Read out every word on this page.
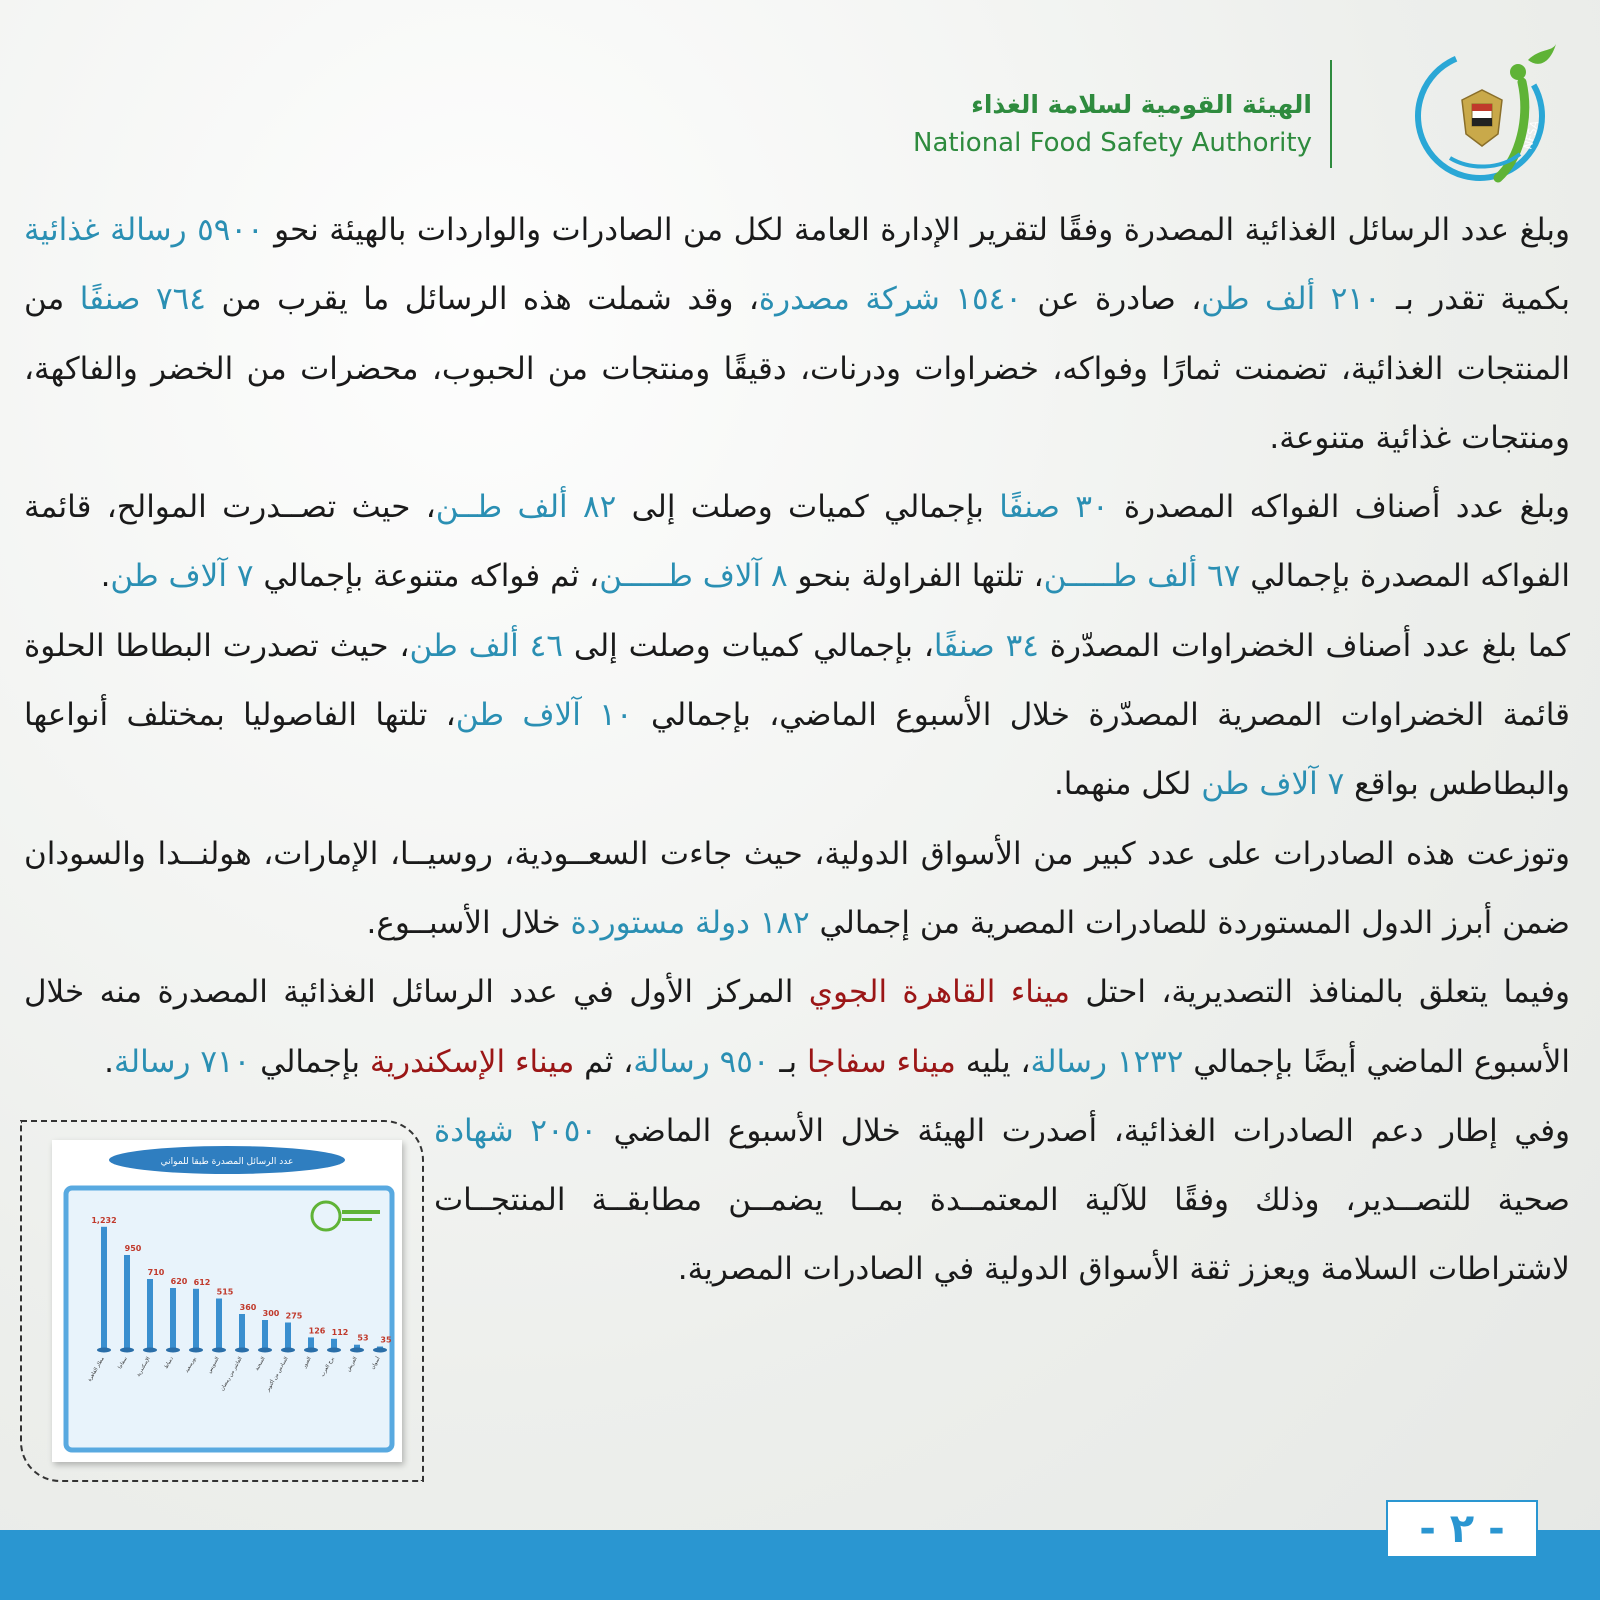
NFSA
الهيئة القومية لسلامة الغذاء
National Food Safety Authority

وبلغ عدد الرسائل الغذائية المصدرة وفقًا لتقرير الإدارة العامة لكل من الصادرات والواردات بالهيئة نحو ٥٩٠٠ رسالة غذائية بكمية تقدر بـ ٢١٠ ألف طن، صادرة عن ١٥٤٠ شركة مصدرة، وقد شملت هذه الرسائل ما يقرب من ٧٦٤ صنفًا من المنتجات الغذائية، تضمنت ثمارًا وفواكه، خضراوات ودرنات، دقيقًا ومنتجات من الحبوب، محضرات من الخضر والفاكهة، ومنتجات غذائية متنوعة.

وبلغ عدد أصناف الفواكه المصدرة ٣٠ صنفًا بإجمالي كميات وصلت إلى ٨٢ ألف طــن، حيث تصــدرت الموالح، قائمة الفواكه المصدرة بإجمالي ٦٧ ألف طـــــن، تلتها الفراولة بنحو ٨ آلاف طـــــن، ثم فواكه متنوعة بإجمالي ٧ آلاف طن.

كما بلغ عدد أصناف الخضراوات المصدّرة ٣٤ صنفًا، بإجمالي كميات وصلت إلى ٤٦ ألف طن، حيث تصدرت البطاطا الحلوة قائمة الخضراوات المصرية المصدّرة خلال الأسبوع الماضي، بإجمالي ١٠ آلاف طن، تلتها الفاصوليا بمختلف أنواعها والبطاطس بواقع ٧ آلاف طن لكل منهما.

وتوزعت هذه الصادرات على عدد كبير من الأسواق الدولية، حيث جاءت السعــودية، روسيــا، الإمارات، هولنــدا والسودان ضمن أبرز الدول المستوردة للصادرات المصرية من إجمالي ١٨٢ دولة مستوردة خلال الأسبــوع.

وفيما يتعلق بالمنافذ التصديرية، احتل ميناء القاهرة الجوي المركز الأول في عدد الرسائل الغذائية المصدرة منه خلال الأسبوع الماضي أيضًا بإجمالي ١٢٣٢ رسالة، يليه ميناء سفاجا بـ ٩٥٠ رسالة، ثم ميناء الإسكندرية بإجمالي ٧١٠ رسالة.

وفي إطار دعم الصادرات الغذائية، أصدرت الهيئة خلال الأسبوع الماضي ٢٠٥٠ شهادة صحية للتصــدير، وذلك وفقًا للآلية المعتمــدة بمــا يضمــن مطابقــة المنتجــات لاشتراطات السلامة ويعزز ثقة الأسواق الدولية في الصادرات المصرية.

عدد الرسائل المصدرة طبقا للمواني
1,232
مطار القاهرة
950
سفاجا
710
الإسكندرية
620
دمياط
612
بورسعيد
515
السويس
360
العاشر من رمضان
300
السخنة
275
السادس من أكتوبر
126
العبور
112
برج العرب
53
العريش
35
أسوان
- ٢ -
